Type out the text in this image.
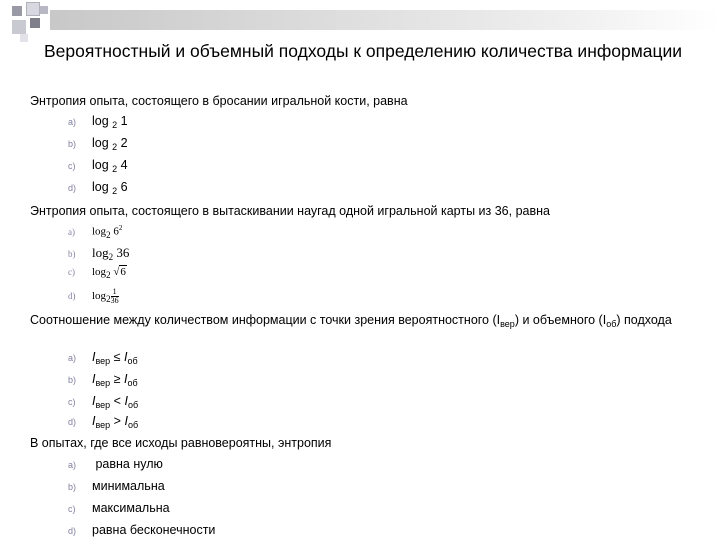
Вероятностный и объемный подходы к определению количества информации
Энтропия опыта, состоящего в бросании игральной кости, равна
a) log $_2$ 1
b) log $_2$ 2
c) log $_2$ 4
d) log $_2$ 6
Энтропия опыта, состоящего в вытаскивании наугад одной игральной карты из 36, равна
a) $\log_2 6^2$
b) $\log_2 36$
c) $\log_2 √6$
d) $\log_2 \frac{1}{36}$
Соотношение между количеством информации с точки зрения вероятностного $(I_{вер})$ и объемного $(I_{об})$ подхода
a) $I_{вер} \le I_{об}$
b) $I_{вер} \ge I_{об}$
c) $I_{вер} < I_{об}$
d) $I_{вер} > I_{об}$
В опытах, где все исходы равновероятны, энтропия
a) равна нулю
b) минимальна
c) максимальна
d) равна бесконечности
